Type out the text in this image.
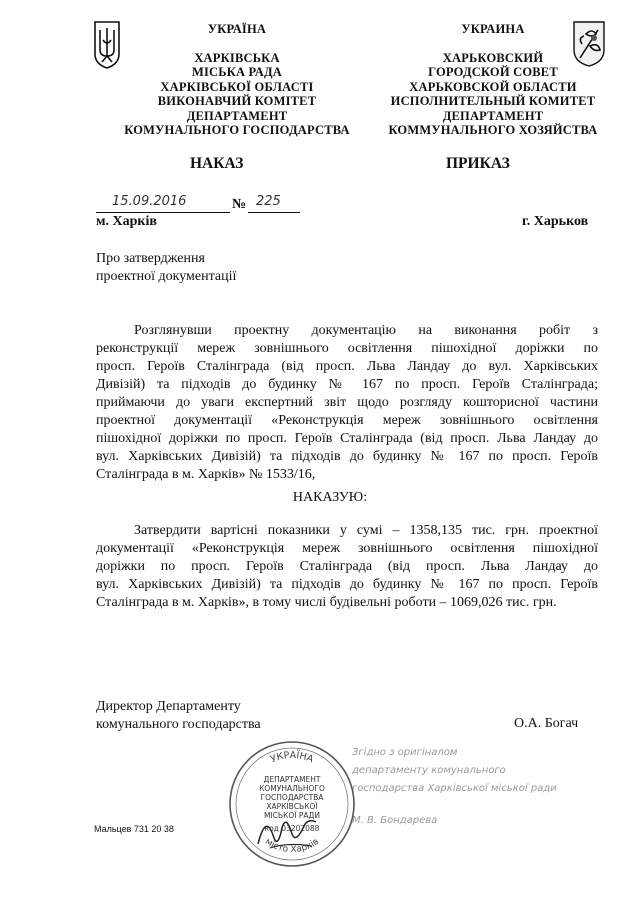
УКРАЇНА
ХАРКІВСЬКА
МІСЬКА РАДА
ХАРКІВСЬКОЇ ОБЛАСТІ
ВИКОНАВЧИЙ КОМІТЕТ
ДЕПАРТАМЕНТ
КОМУНАЛЬНОГО ГОСПОДАРСТВА
УКРАИНА
ХАРЬКОВСКИЙ
ГОРОДСКОЙ СОВЕТ
ХАРЬКОВСКОЙ ОБЛАСТИ
ИСПОЛНИТЕЛЬНЫЙ КОМИТЕТ
ДЕПАРТАМЕНТ
КОММУНАЛЬНОГО ХОЗЯЙСТВА
НАКАЗ	ПРИКАЗ
15.09.2016	№ 225
м. Харків	г. Харьков
Про затвердження
проектної документації
Розглянувши проектну документацію на виконання робіт з
реконструкції мереж зовнішнього освітлення пішохідної доріжки по
просп. Героїв Сталінграда (від просп. Льва Ландау до вул. Харківських
Дивізій) та підходів до будинку № 167 по просп. Героїв Сталінграда;
приймаючи до уваги експертний звіт щодо розгляду кошторисної частини
проектної документації «Реконструкція мереж зовнішнього освітлення
пішохідної доріжки по просп. Героїв Сталінграда (від просп. Льва Ландау до
вул. Харківських Дивізій) та підходів до будинку № 167 по просп. Героїв
Сталінграда в м. Харків» № 1533/16,
НАКАЗУЮ:
Затвердити вартісні показники у сумі – 1358,135 тис. грн. проектної
документації «Реконструкція мереж зовнішнього освітлення пішохідної
доріжки по просп. Героїв Сталінграда (від просп. Льва Ландау до
вул. Харківських Дивізій) та підходів до будинку № 167 по просп. Героїв
Сталінграда в м. Харків», в тому числі будівельні роботи – 1069,026 тис. грн.
Директор Департаменту
комунального господарства	О.А. Богач
Згідно з оригіналом
департаменту комунального
господарства Харківської міської ради
М. В. Бондарева
УКРАЇНА
місто Харків
ДЕПАРТАМЕНТ
КОМУНАЛЬНОГО
ГОСПОДАРСТВА
ХАРКІВСЬКОЇ
МІСЬКОЇ РАДИ
код 03202088
Мальцев 731 20 38
